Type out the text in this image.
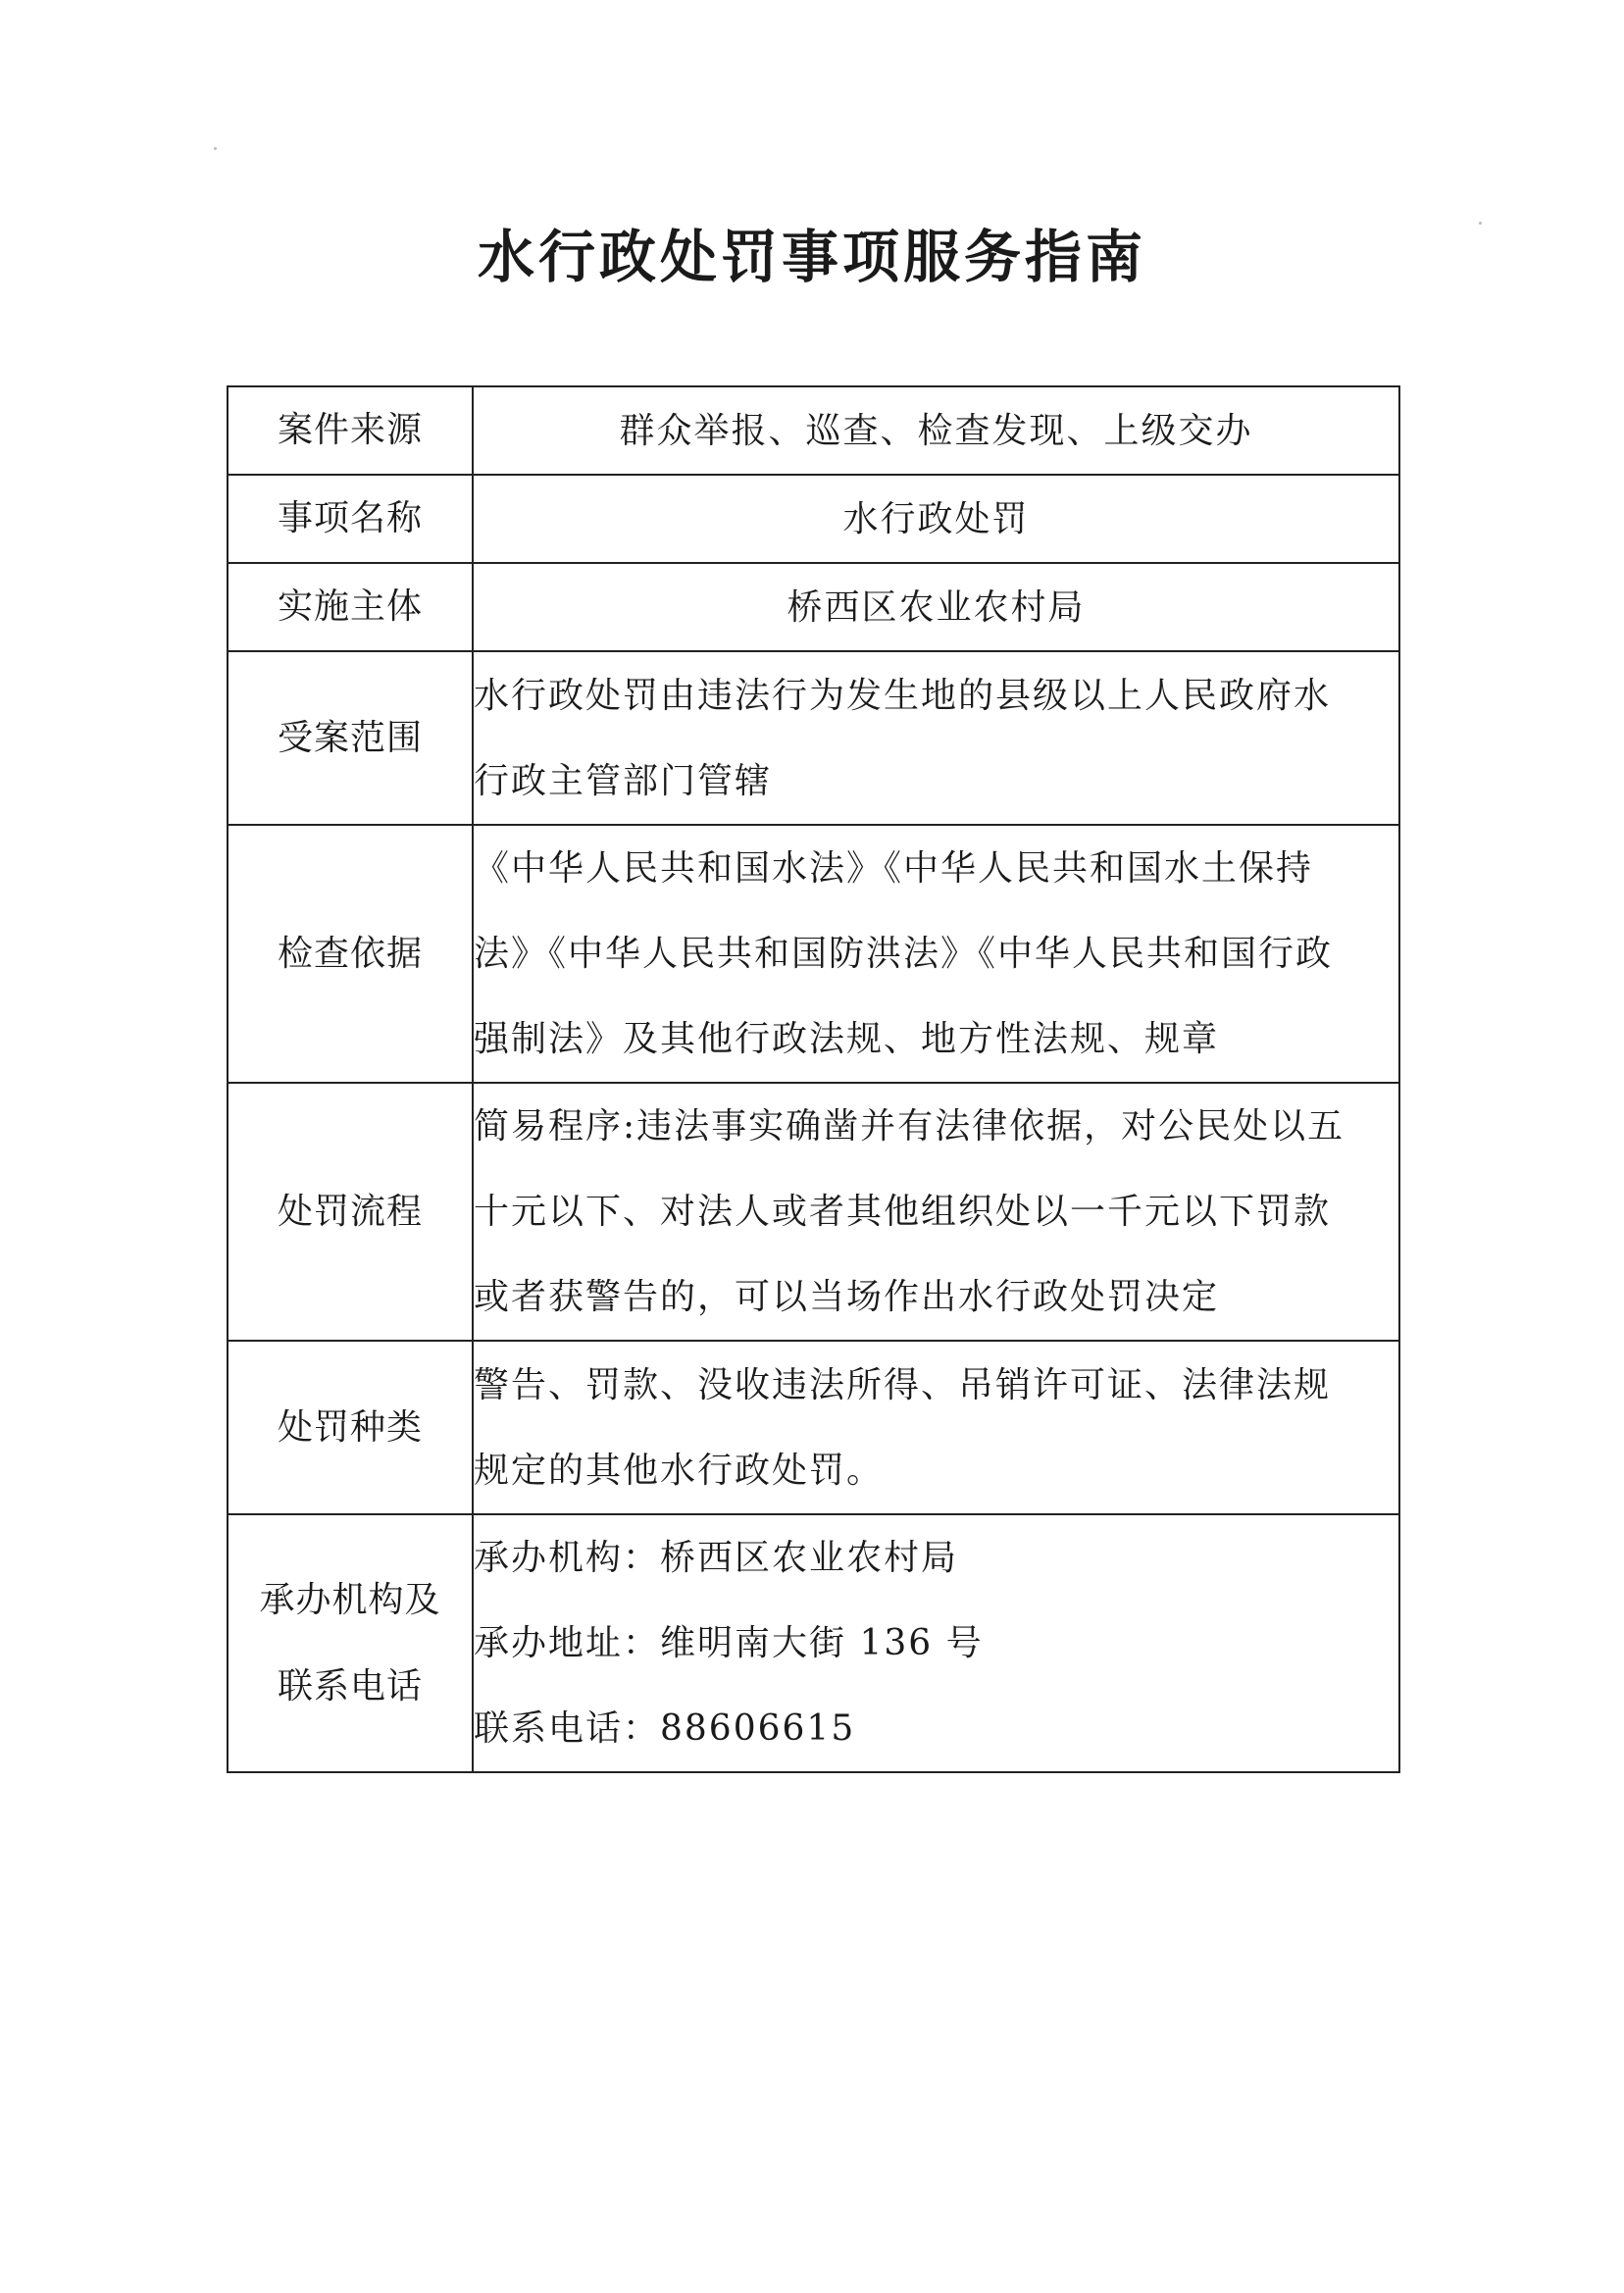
水行政处罚事项服务指南
案件来源	群众举报、巡查、检查发现、上级交办

事项名称	水行政处罚

实施主体	桥西区农业农村局

受案范围	水行政处罚由违法行为发生地的县级以上人民政府水
行政主管部门管辖

检查依据	《中华人民共和国水法》《中华人民共和国水土保持
法》《中华人民共和国防洪法》《中华人民共和国行政
强制法》及其他行政法规、地方性法规、规章

处罚流程	简易程序:违法事实确凿并有法律依据，对公民处以五
十元以下、对法人或者其他组织处以一千元以下罚款
或者获警告的，可以当场作出水行政处罚决定

处罚种类	警告、罚款、没收违法所得、吊销许可证、法律法规
规定的其他水行政处罚。

承办机构及
联系电话	承办机构：桥西区农业农村局
承办地址：维明南大街 136 号
联系电话：88606615
